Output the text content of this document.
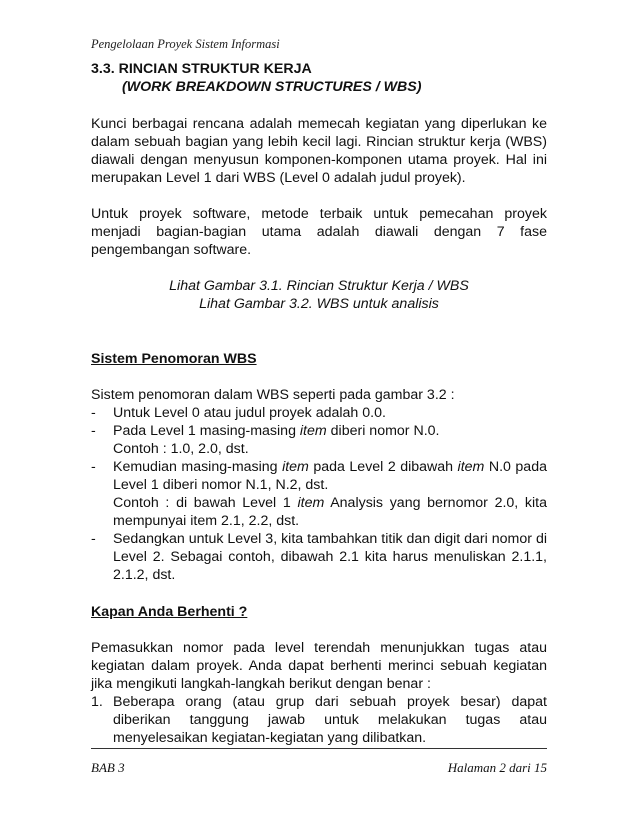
Pengelolaan Proyek Sistem Informasi

3.3. RINCIAN STRUKTUR KERJA

(WORK BREAKDOWN STRUCTURES / WBS)

Kunci berbagai rencana adalah memecah kegiatan yang diperlukan ke dalam sebuah bagian yang lebih kecil lagi. Rincian struktur kerja (WBS) diawali dengan menyusun komponen-komponen utama proyek. Hal ini merupakan Level 1 dari WBS (Level 0 adalah judul proyek).

Untuk proyek software, metode terbaik untuk pemecahan proyek menjadi bagian-bagian utama adalah diawali dengan 7 fase pengembangan software.

Lihat Gambar 3.1. Rincian Struktur Kerja / WBS

Lihat Gambar 3.2. WBS untuk analisis

Sistem Penomoran WBS

Sistem penomoran dalam WBS seperti pada gambar 3.2 :

- Untuk Level 0 atau judul proyek adalah 0.0.
- Pada Level 1 masing-masing item diberi nomor N.0.
Contoh : 1.0, 2.0, dst.
- Kemudian masing-masing item pada Level 2 dibawah item N.0 pada Level 1 diberi nomor N.1, N.2, dst.
Contoh : di bawah Level 1 item Analysis yang bernomor 2.0, kita mempunyai item 2.1, 2.2, dst.
- Sedangkan untuk Level 3, kita tambahkan titik dan digit dari nomor di Level 2. Sebagai contoh, dibawah 2.1 kita harus menuliskan 2.1.1, 2.1.2, dst.

Kapan Anda Berhenti ?

Pemasukkan nomor pada level terendah menunjukkan tugas atau kegiatan dalam proyek. Anda dapat berhenti merinci sebuah kegiatan jika mengikuti langkah-langkah berikut dengan benar :

1. Beberapa orang (atau grup dari sebuah proyek besar) dapat diberikan tanggung jawab untuk melakukan tugas atau menyelesaikan kegiatan-kegiatan yang dilibatkan.
BAB 3	Halaman 2 dari 15
